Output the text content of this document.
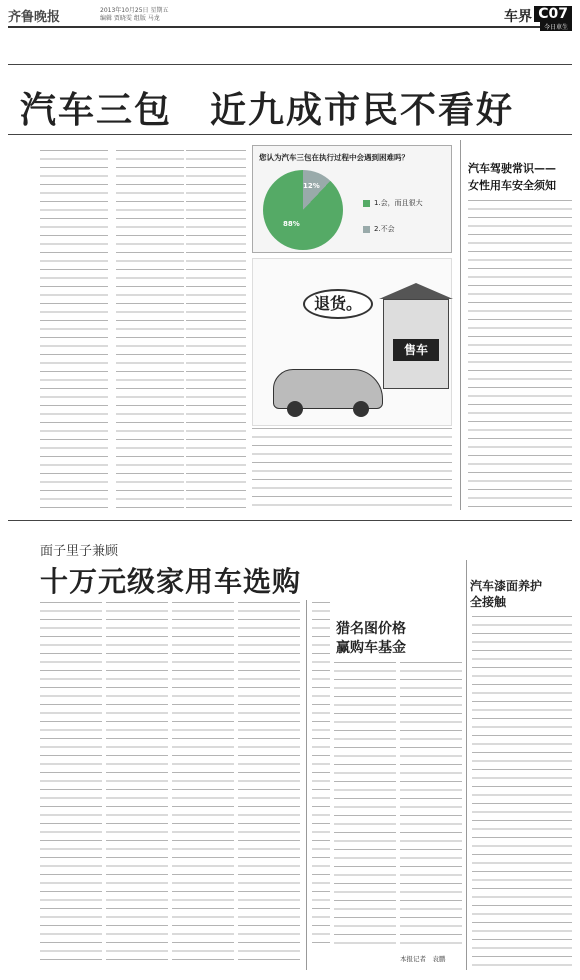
齐鲁晚报	2013年10月25日 星期五
编辑 贾晓雯 组版 马龙	车界 C07
今日車生
汽车三包　近九成市民不看好
您认为汽车三包在执行过程中会遇到困难吗？
12%
88%
1.会，而且很大
2.不会
售车
退货。
汽车驾驶常识——
女性用车安全须知
面子里子兼顾
十万元级家用车选购
猎名图价格
赢购车基金
本报记者　袁鹏
汽车漆面养护
全接触
